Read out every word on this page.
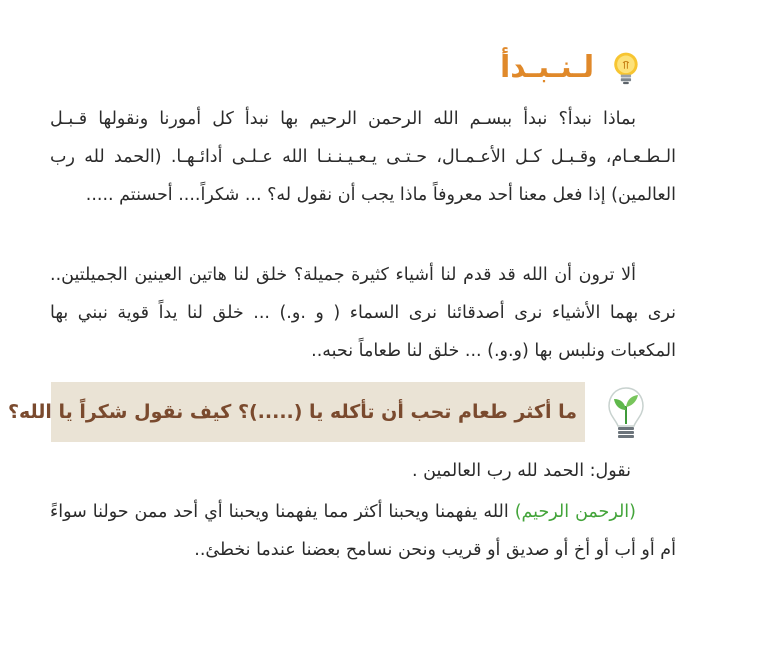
لـنـبـدأ

بماذا نبدأ؟ نبدأ ببسـم الله الرحمن الرحيم بها نبدأ كل أمورنا ونقولها قـبـل الـطـعـام، وقـبـل كـل الأعـمـال، حـتـى يـعـيـنـنـا الله عـلـى أدائـهـا. (الحمد لله رب العالمين) إذا فعل معنا أحد معروفاً ماذا يجب أن نقول له؟ ... شكراً.... أحسنتم .....

ألا ترون أن الله قد قدم لنا أشياء كثيرة جميلة؟ خلق لنا هاتين العينين الجميلتين.. نرى بهما الأشياء نرى أصدقائنا نرى السماء ( و .و.) ... خلق لنا يداً قوية نبني بها المكعبات ونلبس بها (و.و.) ... خلق لنا طعاماً نحبه..

ما أكثر طعام تحب أن تأكله يا (.....)؟ كيف نقول شكراً يا الله؟

نقول: الحمد لله رب العالمين .

(الرحمن الرحيم) الله يفهمنا ويحبنا أكثر مما يفهمنا ويحبنا أي أحد ممن حولنا سواءً أم أو أب أو أخ أو صديق أو قريب ونحن نسامح بعضنا عندما نخطئ..
